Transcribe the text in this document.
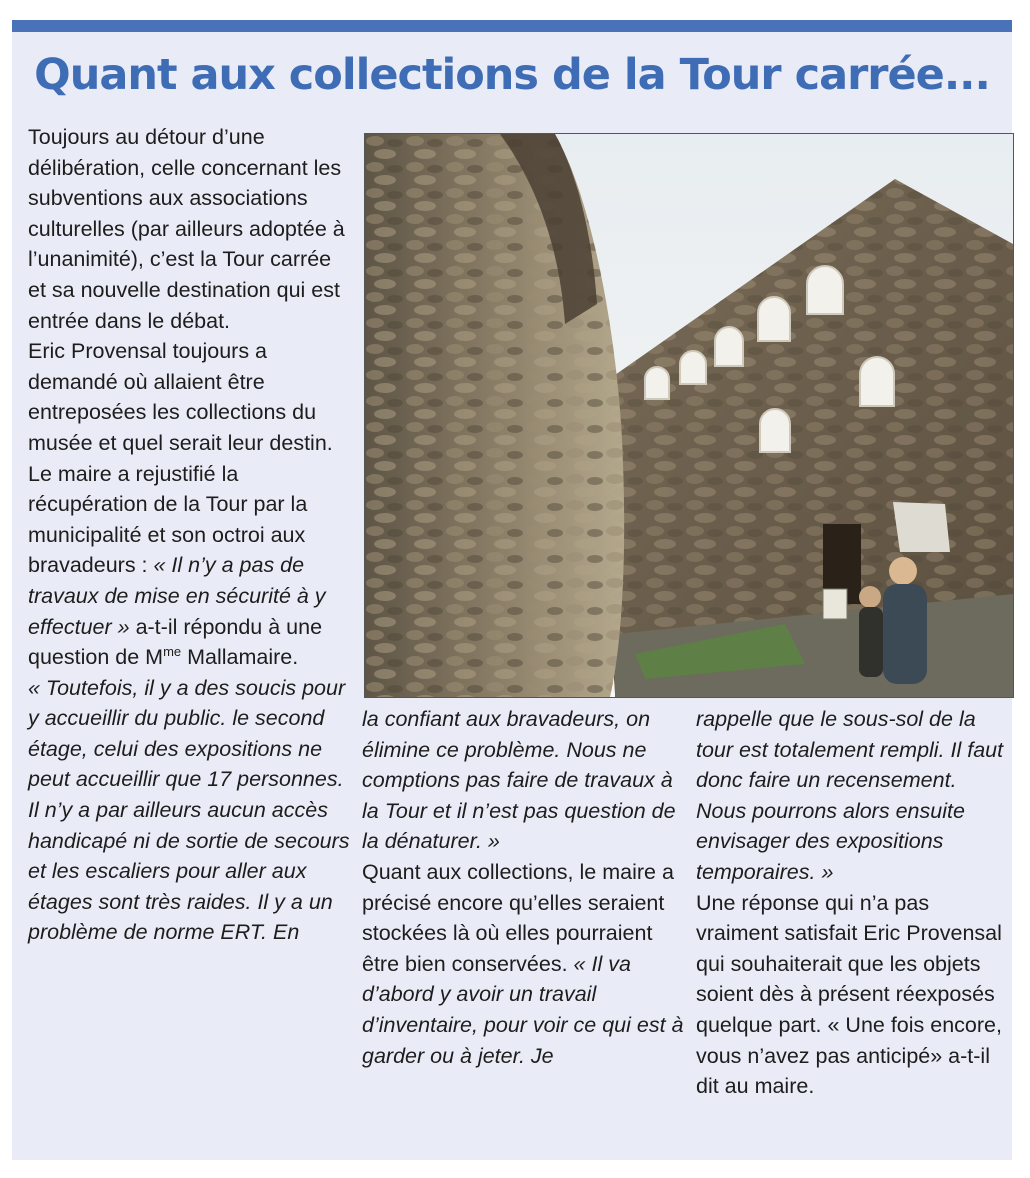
Quant aux collections de la Tour carrée...

Toujours au détour d’une délibération, celle concernant les subventions aux associations culturelles (par ailleurs adoptée à l’unanimité), c’est la Tour carrée et sa nouvelle destination qui est entrée dans le débat.

Eric Provensal toujours a demandé où allaient être entreposées les collections du musée et quel serait leur destin.

Le maire a rejustifié la récupération de la Tour par la municipalité et son octroi aux bravadeurs : « Il n’y a pas de travaux de mise en sécurité à y effectuer » a-t-il répondu à une question de $M^{me}$ Mallamaire.

« Toutefois, il y a des soucis pour y accueillir du public. le second étage, celui des expositions ne peut accueillir que 17 personnes. Il n’y a par ailleurs aucun accès handicapé ni de sortie de secours et les escaliers pour aller aux étages sont très raides. Il y a un problème de norme ERT. En

la confiant aux bravadeurs, on élimine ce problème. Nous ne comptions pas faire de travaux à la Tour et il n’est pas question de la dénaturer. »

Quant aux collections, le maire a précisé encore qu’elles seraient stockées là où elles pourraient être bien conservées. « Il va d’abord y avoir un travail d’inventaire, pour voir ce qui est à garder ou à jeter. Je

rappelle que le sous-sol de la tour est totalement rempli. Il faut donc faire un recensement. Nous pourrons alors ensuite envisager des expositions temporaires. »

Une réponse qui n’a pas vraiment satisfait Eric Provensal qui souhaiterait que les objets soient dès à présent réexposés quelque part. « Une fois encore, vous n’avez pas anticipé» a-t-il dit au maire.
